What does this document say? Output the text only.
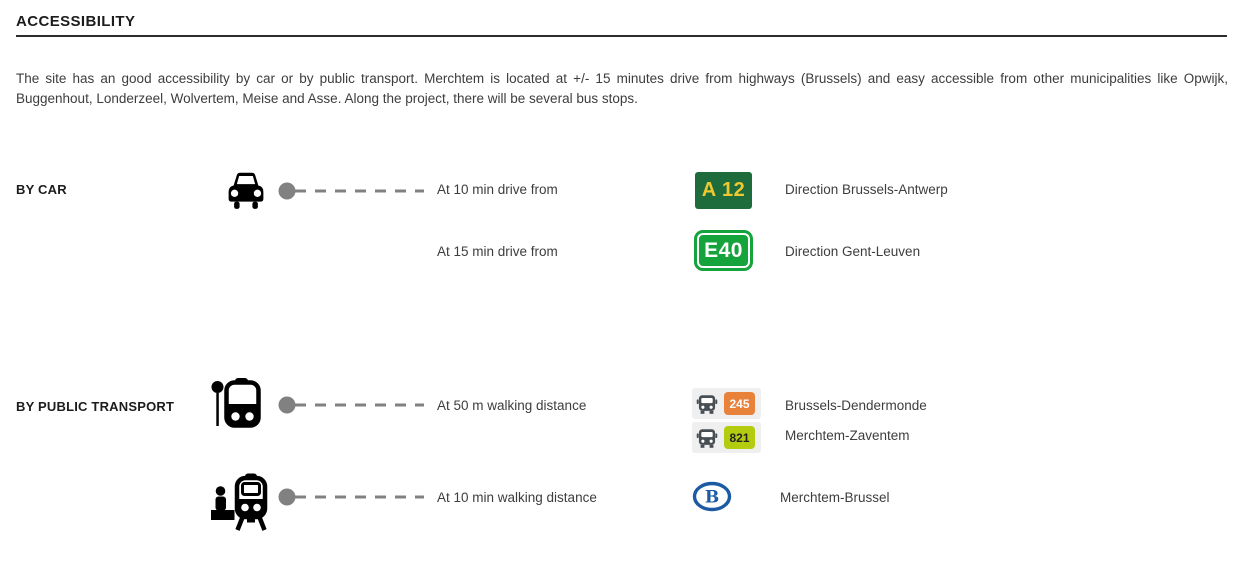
ACCESSIBILITY

The site has an good accessibility by car or by public transport. Merchtem is located at +/- 15 minutes drive from highways (Brussels) and easy accessible from other municipalities like Opwijk, Buggenhout, Londerzeel, Wolvertem, Meise and Asse. Along the project, there will be several bus stops.

BY CAR	At 10 min drive from	A 12	Direction Brussels-Antwerp
At 15 min drive from	E40	Direction Gent-Leuven
BY PUBLIC TRANSPORT	At 50 m walking distance	245	Brussels-Dendermonde
821	Merchtem-Zaventem
At 10 min walking distance	B	Merchtem-Brussel
